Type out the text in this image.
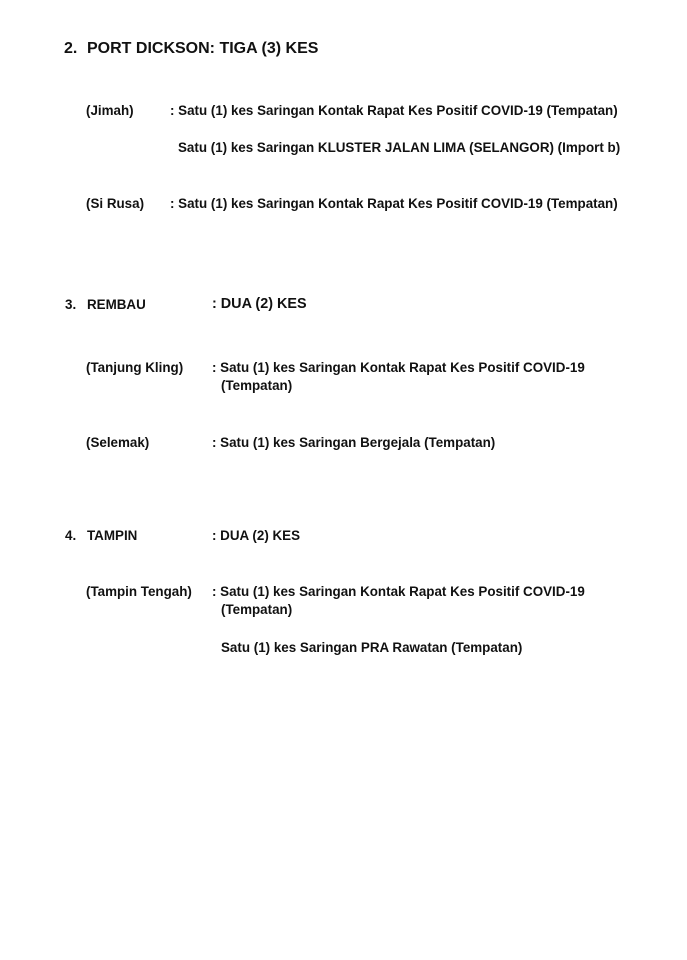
2. PORT DICKSON: TIGA (3) KES
(Jimah)	: Satu (1) kes Saringan Kontak Rapat Kes Positif COVID-19 (Tempatan)
Satu (1) kes Saringan KLUSTER JALAN LIMA (SELANGOR) (Import b)
(Si Rusa) : Satu (1) kes Saringan Kontak Rapat Kes Positif COVID-19 (Tempatan)
3. REMBAU	: DUA (2) KES
(Tanjung Kling) : Satu (1) kes Saringan Kontak Rapat Kes Positif COVID-19
(Tempatan)
(Selemak)	: Satu (1) kes Saringan Bergejala (Tempatan)
4. TAMPIN	: DUA (2) KES
(Tampin Tengah) : Satu (1) kes Saringan Kontak Rapat Kes Positif COVID-19
(Tempatan)
Satu (1) kes Saringan PRA Rawatan (Tempatan)
